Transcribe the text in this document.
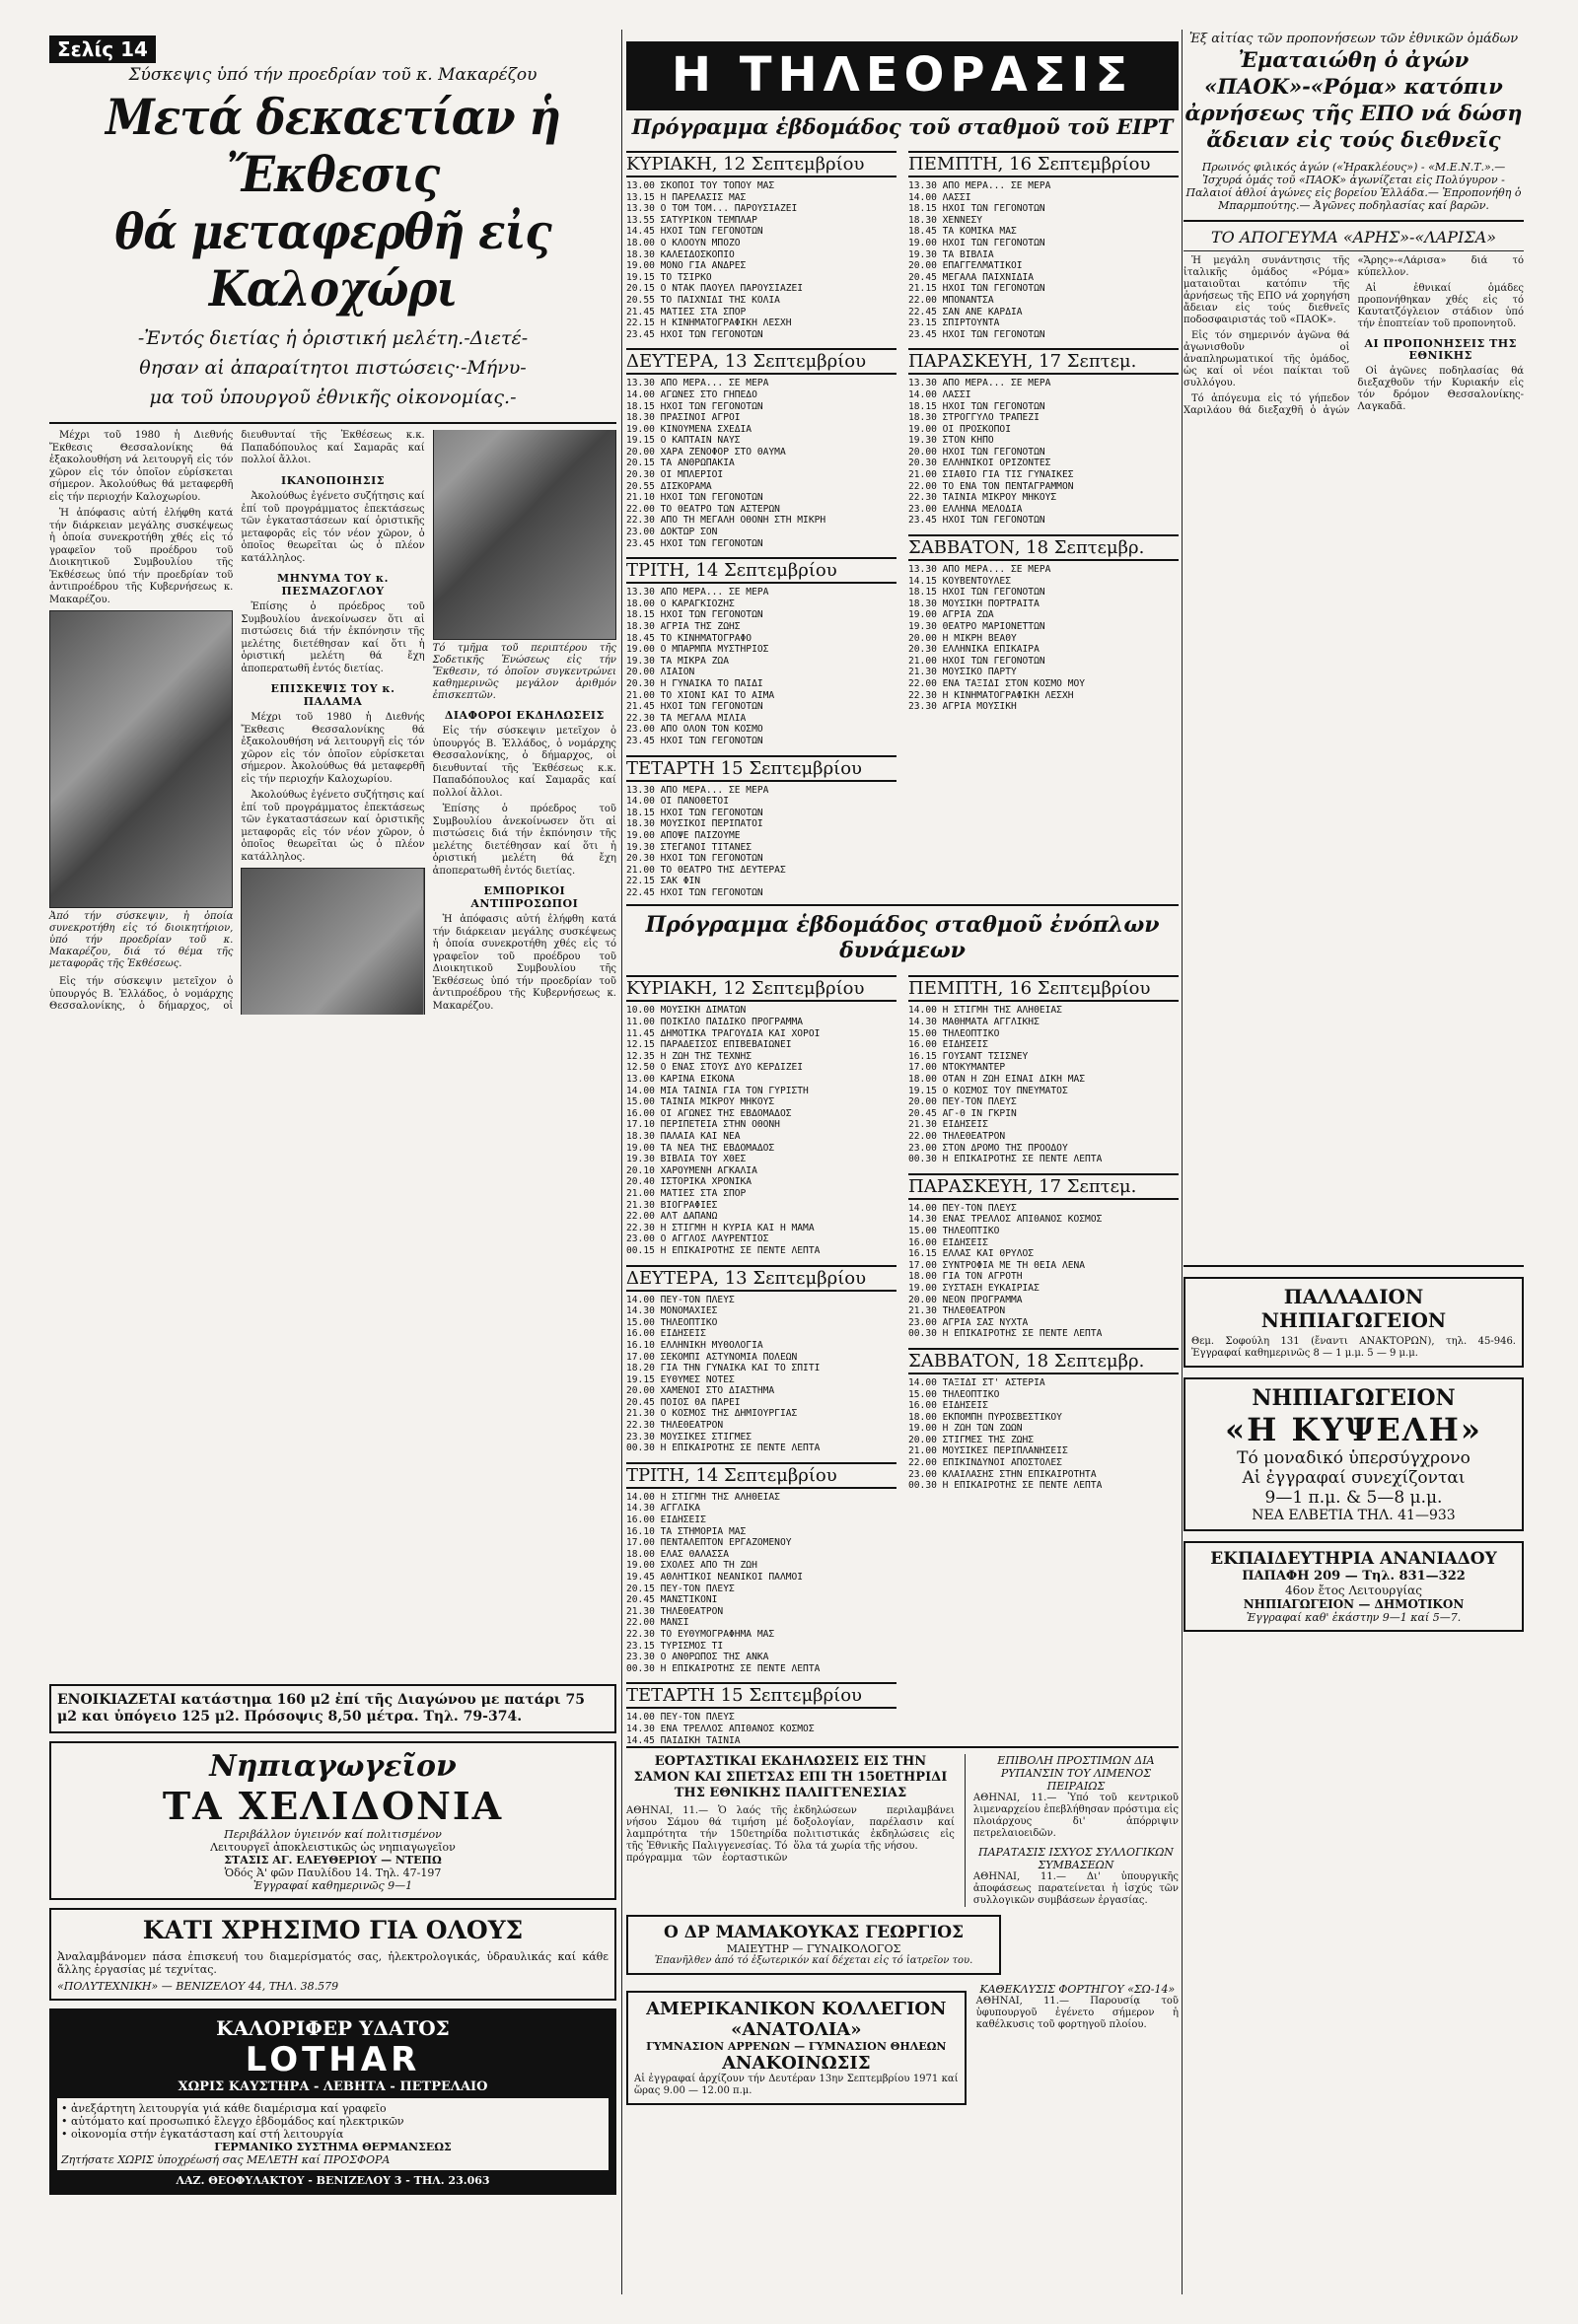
Σελίς 14
Σύσκεψις ὑπό τήν προεδρίαν τοῦ κ. Μακαρέζου
Μετά δεκαετίαν ἡ Ἔκθεσις
θά μεταφερθῆ εἰς Καλοχώρι
-Ἐντός διετίας ἡ ὁριστική μελέτη.-Διετέ-
θησαν αἱ ἀπαραίτητοι πιστώσεις·-Μήνυ-
μα τοῦ ὑπουργοῦ ἐθνικῆς οἰκονομίας.-

Μέχρι τοῦ 1980 ἡ Διεθνής Ἔκθεσις Θεσσαλονίκης θά ἐξακολουθήση νά λειτουργῆ εἰς τόν χῶρον εἰς τόν ὁποῖον εὑρίσκεται σήμερον. Ἀκολούθως θά μεταφερθῆ εἰς τήν περιοχήν Καλοχωρίου.

Ἡ ἀπόφασις αὐτή ἐλήφθη κατά τήν διάρκειαν μεγάλης συσκέψεως ἡ ὁποία συνεκροτήθη χθές εἰς τό γραφεῖον τοῦ προέδρου τοῦ Διοικητικοῦ Συμβουλίου τῆς Ἐκθέσεως ὑπό τήν προεδρίαν τοῦ ἀντιπροέδρου τῆς Κυβερνήσεως κ. Μακαρέζου.

Ἀπό τήν σύσκεψιν, ἡ ὁποία συνεκροτήθη εἰς τό διοικητήριον, ὑπό τήν προεδρίαν τοῦ κ. Μακαρέζου, διά τό θέμα τῆς μεταφορᾶς τῆς Ἐκθέσεως.

Εἰς τήν σύσκεψιν μετεῖχον ὁ ὑπουργός Β. Ἑλλάδος, ὁ νομάρχης Θεσσαλονίκης, ὁ δήμαρχος, οἱ διευθυνταί τῆς Ἐκθέσεως κ.κ. Παπαδόπουλος καί Σαμαρᾶς καί πολλοί ἄλλοι.

ΙΚΑΝΟΠΟΙΗΣΙΣ

Ἀκολούθως ἐγένετο συζήτησις καί ἐπί τοῦ προγράμματος ἐπεκτάσεως τῶν ἐγκαταστάσεων καί ὁριστικῆς μεταφορᾶς εἰς τόν νέον χῶρον, ὁ ὁποῖος θεωρεῖται ὡς ὁ πλέον κατάλληλος.

ΜΗΝΥΜΑ ΤΟΥ κ. ΠΕΣΜΑΖΟΓΛΟΥ

Ἐπίσης ὁ πρόεδρος τοῦ Συμβουλίου ἀνεκοίνωσεν ὅτι αἱ πιστώσεις διά τήν ἐκπόνησιν τῆς μελέτης διετέθησαν καί ὅτι ἡ ὁριστική μελέτη θά ἔχη ἀποπερατωθῆ ἐντός διετίας.

ΕΠΙΣΚΕΨΙΣ ΤΟΥ κ. ΠΑΛΑΜΑ

Μέχρι τοῦ 1980 ἡ Διεθνής Ἔκθεσις Θεσσαλονίκης θά ἐξακολουθήση νά λειτουργῆ εἰς τόν χῶρον εἰς τόν ὁποῖον εὑρίσκεται σήμερον. Ἀκολούθως θά μεταφερθῆ εἰς τήν περιοχήν Καλοχωρίου.

Ἀκολούθως ἐγένετο συζήτησις καί ἐπί τοῦ προγράμματος ἐπεκτάσεως τῶν ἐγκαταστάσεων καί ὁριστικῆς μεταφορᾶς εἰς τόν νέον χῶρον, ὁ ὁποῖος θεωρεῖται ὡς ὁ πλέον κατάλληλος.

Τό τμῆμα τοῦ περιπτέρου τῆς Σοδετικῆς Ἑνώσεως εἰς τήν Ἔκθεσιν, τό ὁποῖον συγκεντρώνει καθημερινῶς μεγάλον ἀριθμόν ἐπισκεπτῶν.
ΔΙΑΦΟΡΟΙ ΕΚΔΗΛΩΣΕΙΣ

Εἰς τήν σύσκεψιν μετεῖχον ὁ ὑπουργός Β. Ἑλλάδος, ὁ νομάρχης Θεσσαλονίκης, ὁ δήμαρχος, οἱ διευθυνταί τῆς Ἐκθέσεως κ.κ. Παπαδόπουλος καί Σαμαρᾶς καί πολλοί ἄλλοι.

Ἐπίσης ὁ πρόεδρος τοῦ Συμβουλίου ἀνεκοίνωσεν ὅτι αἱ πιστώσεις διά τήν ἐκπόνησιν τῆς μελέτης διετέθησαν καί ὅτι ἡ ὁριστική μελέτη θά ἔχη ἀποπερατωθῆ ἐντός διετίας.

ΕΜΠΟΡΙΚΟΙ ΑΝΤΙΠΡΟΣΩΠΟΙ

Ἡ ἀπόφασις αὐτή ἐλήφθη κατά τήν διάρκειαν μεγάλης συσκέψεως ἡ ὁποία συνεκροτήθη χθές εἰς τό γραφεῖον τοῦ προέδρου τοῦ Διοικητικοῦ Συμβουλίου τῆς Ἐκθέσεως ὑπό τήν προεδρίαν τοῦ ἀντιπροέδρου τῆς Κυβερνήσεως κ. Μακαρέζου.

ΕΝΟΙΚΙΑΖΕΤΑΙ κατάστημα 160 μ2 ἐπί τῆς Διαγώνου με πατάρι 75 μ2 και ὑπόγειο 125 μ2. Πρόσοψις 8,50 μέτρα. Τηλ. 79-374.
Νηπιαγωγεῖον
ΤΑ ΧΕΛΙΔΟΝΙΑ
Περιβάλλον ὑγιεινόν καί πολιτισμένον
Λειτουργεῖ ἀποκλειστικῶς ὡς νηπιαγωγεῖον
ΣΤΑΣΙΣ ΑΓ. ΕΛΕΥΘΕΡΙΟΥ — ΝΤΕΠΩ
Ὁδός Ἀ' φῶν Παυλίδου 14. Τηλ. 47-197
Ἐγγραφαί καθημερινῶς 9—1
ΚΑΤΙ ΧΡΗΣΙΜΟ ΓΙΑ ΟΛΟΥΣ
Ἀναλαμβάνομεν πάσα ἐπισκευή του διαμερίσματός σας, ἠλεκτρολογικάς, ὑδραυλικάς καί κάθε ἄλλης ἐργασίας μέ τεχνίτας.
«ΠΟΛΥΤΕΧΝΙΚΗ» — ΒΕΝΙΖΕΛΟΥ 44, ΤΗΛ. 38.579
ΚΑΛΟΡΙΦΕΡ ΥΔΑΤΟΣ
LOTHAR
ΧΩΡΙΣ ΚΑΥΣΤΗΡΑ - ΛΕΒΗΤΑ - ΠΕΤΡΕΛΑΙΟ
• ἀνεξάρτητη λειτουργία γιά κάθε διαμέρισμα καί γραφεῖο
• αὐτόματο καί προσωπικό ἔλεγχο ἐβδομάδος καί ηλεκτρικῶν
• οἰκονομία στήν ἐγκατάσταση καί στή λειτουργία
ΓΕΡΜΑΝΙΚΟ ΣΥΣΤΗΜΑ ΘΕΡΜΑΝΣΕΩΣ
Ζητήσατε ΧΩΡΙΣ ὑποχρέωσή σας ΜΕΛΕΤΗ καί ΠΡΟΣΦΟΡΑ
ΛΑΖ. ΘΕΟΦΥΛΑΚΤΟΥ - ΒΕΝΙΖΕΛΟΥ 3 - ΤΗΛ. 23.063
Η ΤΗΛΕΟΡΑΣΙΣ
Πρόγραμμα ἑβδομάδος τοῦ σταθμοῦ τοῦ ΕΙΡΤ
ΚΥΡΙΑΚΗ, 12 Σεπτεμβρίου
13.00 ΣΚΟΠΟΙ ΤΟΥ ΤΟΠΟΥ ΜΑΣ
13.15 Η ΠΑΡΕΛΑΣΙΣ ΜΑΣ
13.30 Ο ΤΟΜ ΤΟΜ... ΠΑΡΟΥΣΙΑΖΕΙ
13.55 ΣΑΤΥΡΙΚΟΝ ΤΕΜΠΛΑΡ
14.45 ΗΧΟΙ ΤΩΝ ΓΕΓΟΝΟΤΩΝ
18.00 Ο ΚΛΟΟΥΝ ΜΠΟΖΟ
18.30 ΚΑΛΕΙΔΟΣΚΟΠΙΟ
19.00 ΜΟΝΟ ΓΙΑ ΑΝΔΡΕΣ
19.15 ΤΟ ΤΣΙΡΚΟ
20.15 Ο ΝΤΑΚ ΠΑΟΥΕΛ ΠΑΡΟΥΣΙΑΖΕΙ
20.55 ΤΟ ΠΑΙΧΝΙΔΙ ΤΗΣ ΚΟΛΙΑ
21.45 ΜΑΤΙΕΣ ΣΤΑ ΣΠΟΡ
22.15 Η ΚΙΝΗΜΑΤΟΓΡΑΦΙΚΗ ΛΕΣΧΗ
23.45 ΗΧΟΙ ΤΩΝ ΓΕΓΟΝΟΤΩΝ
ΔΕΥΤΕΡΑ, 13 Σεπτεμβρίου
13.30 ΑΠΟ ΜΕΡΑ... ΣΕ ΜΕΡΑ
14.00 ΑΓΩΝΕΣ ΣΤΟ ΓΗΠΕΔΟ
18.15 ΗΧΟΙ ΤΩΝ ΓΕΓΟΝΟΤΩΝ
18.30 ΠΡΑΣΙΝΟΙ ΑΓΡΟΙ
19.00 ΚΙΝΟΥΜΕΝΑ ΣΧΕΔΙΑ
19.15 Ο ΚΑΠΤΑΙΝ ΝΑΥΣ
20.00 ΧΑΡΑ ΖΕΝΟΦΟΡ ΣΤΟ ΘΑΥΜΑ
20.15 ΤΑ ΑΝΘΡΩΠΑΚΙΑ
20.30 ΟΙ ΜΠΛΕΡΙΟΙ
20.55 ΔΙΣΚΟΡΑΜΑ
21.10 ΗΧΟΙ ΤΩΝ ΓΕΓΟΝΟΤΩΝ
22.00 ΤΟ ΘΕΑΤΡΟ ΤΩΝ ΑΣΤΕΡΩΝ
22.30 ΑΠΟ ΤΗ ΜΕΓΑΛΗ ΟΘΟΝΗ ΣΤΗ ΜΙΚΡΗ
23.00 ΔΟΚΤΩΡ ΣΟΝ
23.45 ΗΧΟΙ ΤΩΝ ΓΕΓΟΝΟΤΩΝ
ΤΡΙΤΗ, 14 Σεπτεμβρίου
13.30 ΑΠΟ ΜΕΡΑ... ΣΕ ΜΕΡΑ
18.00 Ο ΚΑΡΑΓΚΙΟΖΗΣ
18.15 ΗΧΟΙ ΤΩΝ ΓΕΓΟΝΟΤΩΝ
18.30 ΑΓΡΙΑ ΤΗΣ ΖΩΗΣ
18.45 ΤΟ ΚΙΝΗΜΑΤΟΓΡΑΦΟ
19.00 Ο ΜΠΑΡΜΠΑ ΜΥΣΤΗΡΙΟΣ
19.30 ΤΑ ΜΙΚΡΑ ΖΩΑ
20.00 ΛΙΑΙΟΝ
20.30 Η ΓΥΝΑΙΚΑ ΤΟ ΠΑΙΔΙ
21.00 ΤΟ ΧΙΟΝΙ ΚΑΙ ΤΟ ΑΙΜΑ
21.45 ΗΧΟΙ ΤΩΝ ΓΕΓΟΝΟΤΩΝ
22.30 ΤΑ ΜΕΓΑΛΑ ΜΙΛΙΑ
23.00 ΑΠΟ ΟΛΟΝ ΤΟΝ ΚΟΣΜΟ
23.45 ΗΧΟΙ ΤΩΝ ΓΕΓΟΝΟΤΩΝ
ΤΕΤΑΡΤΗ 15 Σεπτεμβρίου
13.30 ΑΠΟ ΜΕΡΑ... ΣΕ ΜΕΡΑ
14.00 ΟΙ ΠΑΝΟΘΕΤΟΙ
18.15 ΗΧΟΙ ΤΩΝ ΓΕΓΟΝΟΤΩΝ
18.30 ΜΟΥΣΙΚΟΙ ΠΕΡΙΠΑΤΟΙ
19.00 ΑΠΟΨΕ ΠΑΙΖΟΥΜΕ
19.30 ΣΤΕΓΑΝΟΙ ΤΙΤΑΝΕΣ
20.30 ΗΧΟΙ ΤΩΝ ΓΕΓΟΝΟΤΩΝ
21.00 ΤΟ ΘΕΑΤΡΟ ΤΗΣ ΔΕΥΤΕΡΑΣ
22.15 ΣΑΚ ΦΙΝ
22.45 ΗΧΟΙ ΤΩΝ ΓΕΓΟΝΟΤΩΝ
ΠΕΜΠΤΗ, 16 Σεπτεμβρίου
13.30 ΑΠΟ ΜΕΡΑ... ΣΕ ΜΕΡΑ
14.00 ΛΑΣΣΙ
18.15 ΗΧΟΙ ΤΩΝ ΓΕΓΟΝΟΤΩΝ
18.30 ΧΕΝΝΕΣΥ
18.45 ΤΑ ΚΟΜΙΚΑ ΜΑΣ
19.00 ΗΧΟΙ ΤΩΝ ΓΕΓΟΝΟΤΩΝ
19.30 ΤΑ ΒΙΒΛΙΑ
20.00 ΕΠΑΓΓΕΛΜΑΤΙΚΟΙ
20.45 ΜΕΓΑΛΑ ΠΑΙΧΝΙΔΙΑ
21.15 ΗΧΟΙ ΤΩΝ ΓΕΓΟΝΟΤΩΝ
22.00 ΜΠΟΝΑΝΤΣΑ
22.45 ΣΑΝ ΑΝΕ ΚΑΡΔΙΑ
23.15 ΣΠΙΡΤΟΥΝΤΑ
23.45 ΗΧΟΙ ΤΩΝ ΓΕΓΟΝΟΤΩΝ
ΠΑΡΑΣΚΕΥΗ, 17 Σεπτεμ.
13.30 ΑΠΟ ΜΕΡΑ... ΣΕ ΜΕΡΑ
14.00 ΛΑΣΣΙ
18.15 ΗΧΟΙ ΤΩΝ ΓΕΓΟΝΟΤΩΝ
18.30 ΣΤΡΟΓΓΥΛΟ ΤΡΑΠΕΖΙ
19.00 ΟΙ ΠΡΟΣΚΟΠΟΙ
19.30 ΣΤΟΝ ΚΗΠΟ
20.00 ΗΧΟΙ ΤΩΝ ΓΕΓΟΝΟΤΩΝ
20.30 ΕΛΛΗΝΙΚΟΙ ΟΡΙΖΟΝΤΕΣ
21.00 ΣΙΑΘΙΟ ΓΙΑ ΤΙΣ ΓΥΝΑΙΚΕΣ
22.00 ΤΟ ΕΝΑ ΤΟΝ ΠΕΝΤΑΓΡΑΜΜΟΝ
22.30 ΤΑΙΝΙΑ ΜΙΚΡΟΥ ΜΗΚΟΥΣ
23.00 ΕΛΛΗΝΑ ΜΕΛΟΔΙΑ
23.45 ΗΧΟΙ ΤΩΝ ΓΕΓΟΝΟΤΩΝ
ΣΑΒΒΑΤΟΝ, 18 Σεπτεμβρ.
13.30 ΑΠΟ ΜΕΡΑ... ΣΕ ΜΕΡΑ
14.15 ΚΟΥΒΕΝΤΟΥΛΕΣ
18.15 ΗΧΟΙ ΤΩΝ ΓΕΓΟΝΟΤΩΝ
18.30 ΜΟΥΣΙΚΗ ΠΟΡΤΡΑΙΤΑ
19.00 ΑΓΡΙΑ ΖΩΑ
19.30 ΘΕΑΤΡΟ ΜΑΡΙΟΝΕΤΤΩΝ
20.00 Η ΜΙΚΡΗ ΒΕΑΘΥ
20.30 ΕΛΛΗΝΙΚΑ ΕΠΙΚΑΙΡΑ
21.00 ΗΧΟΙ ΤΩΝ ΓΕΓΟΝΟΤΩΝ
21.30 ΜΟΥΣΙΚΟ ΠΑΡΤΥ
22.00 ΕΝΑ ΤΑΞΙΔΙ ΣΤΟΝ ΚΟΣΜΟ ΜΟΥ
22.30 Η ΚΙΝΗΜΑΤΟΓΡΑΦΙΚΗ ΛΕΣΧΗ
23.30 ΑΓΡΙΑ ΜΟΥΣΙΚΗ
Πρόγραμμα ἑβδομάδος σταθμοῦ ἐνόπλων δυνάμεων
ΚΥΡΙΑΚΗ, 12 Σεπτεμβρίου
10.00 ΜΟΥΣΙΚΗ ΔΙΜΑΤΩΝ
11.00 ΠΟΙΚΙΛΟ ΠΑΙΔΙΚΟ ΠΡΟΓΡΑΜΜΑ
11.45 ΔΗΜΟΤΙΚΑ ΤΡΑΓΟΥΔΙΑ ΚΑΙ ΧΟΡΟΙ
12.15 ΠΑΡΑΔΕΙΣΟΣ ΕΠΙΒΕΒΑΙΩΝΕΙ
12.35 Η ΖΩΗ ΤΗΣ ΤΕΧΝΗΣ
12.50 Ο ΕΝΑΣ ΣΤΟΥΣ ΔΥΟ ΚΕΡΔΙΖΕΙ
13.00 ΚΑΡΙΝΑ ΕΙΚΟΝΑ
14.00 ΜΙΑ ΤΑΙΝΙΑ ΓΙΑ ΤΟΝ ΓΥΡΙΣΤΗ
15.00 ΤΑΙΝΙΑ ΜΙΚΡΟΥ ΜΗΚΟΥΣ
16.00 ΟΙ ΑΓΩΝΕΣ ΤΗΣ ΕΒΔΟΜΑΔΟΣ
17.10 ΠΕΡΙΠΕΤΕΙΑ ΣΤΗΝ ΟΘΟΝΗ
18.30 ΠΑΛΑΙΑ ΚΑΙ ΝΕΑ
19.00 ΤΑ ΝΕΑ ΤΗΣ ΕΒΔΟΜΑΔΟΣ
19.30 ΒΙΒΛΙΑ ΤΟΥ ΧΘΕΣ
20.10 ΧΑΡΟΥΜΕΝΗ ΑΓΚΑΛΙΑ
20.40 ΙΣΤΟΡΙΚΑ ΧΡΟΝΙΚΑ
21.00 ΜΑΤΙΕΣ ΣΤΑ ΣΠΟΡ
21.30 ΒΙΟΓΡΑΦΙΕΣ
22.00 ΑΛΤ ΔΑΠΑΝΩ
22.30 Η ΣΤΙΓΜΗ Η ΚΥΡΙΑ ΚΑΙ Η ΜΑΜΑ
23.00 Ο ΑΓΓΛΟΣ ΛΑΥΡΕΝΤΙΟΣ
00.15 Η ΕΠΙΚΑΙΡΟΤΗΣ ΣΕ ΠΕΝΤΕ ΛΕΠΤΑ
ΔΕΥΤΕΡΑ, 13 Σεπτεμβρίου
14.00 ΠΕΥ-ΤΟΝ ΠΛΕΥΣ
14.30 ΜΟΝΟΜΑΧΙΕΣ
15.00 ΤΗΛΕΟΠΤΙΚΟ
16.00 ΕΙΔΗΣΕΙΣ
16.10 ΕΛΛΗΝΙΚΗ ΜΥΘΟΛΟΓΙΑ
17.00 ΣΕΚΟΜΠΙ ΑΣΤΥΝΟΜΙΑ ΠΟΛΕΩΝ
18.20 ΓΙΑ ΤΗΝ ΓΥΝΑΙΚΑ ΚΑΙ ΤΟ ΣΠΙΤΙ
19.15 ΕΥΘΥΜΕΣ ΝΟΤΕΣ
20.00 ΧΑΜΕΝΟΙ ΣΤΟ ΔΙΑΣΤΗΜΑ
20.45 ΠΟΙΟΣ ΘΑ ΠΑΡΕΙ
21.30 Ο ΚΟΣΜΟΣ ΤΗΣ ΔΗΜΙΟΥΡΓΙΑΣ
22.30 ΤΗΛΕΘΕΑΤΡΟΝ
23.30 ΜΟΥΣΙΚΕΣ ΣΤΙΓΜΕΣ
00.30 Η ΕΠΙΚΑΙΡΟΤΗΣ ΣΕ ΠΕΝΤΕ ΛΕΠΤΑ
ΤΡΙΤΗ, 14 Σεπτεμβρίου
14.00 Η ΣΤΙΓΜΗ ΤΗΣ ΑΛΗΘΕΙΑΣ
14.30 ΑΓΓΛΙΚΑ
16.00 ΕΙΔΗΣΕΙΣ
16.10 ΤΑ ΣΤΗΜΟΡΙΑ ΜΑΣ
17.00 ΠΕΝΤΑΛΕΠΤΟΝ ΕΡΓΑΖΟΜΕΝΟΥ
18.00 ΕΛΑΣ ΘΑΛΑΣΣΑ
19.00 ΣΧΟΛΕΣ ΑΠΟ ΤΗ ΖΩΗ
19.45 ΑΘΛΗΤΙΚΟΙ ΝΕΑΝΙΚΟΙ ΠΑΛΜΟΙ
20.15 ΠΕΥ-ΤΟΝ ΠΛΕΥΣ
20.45 ΜΑΝΣΤΙΚΟΝΙ
21.30 ΤΗΛΕΘΕΑΤΡΟΝ
22.00 ΜΑΝΣΙ
22.30 ΤΟ ΕΥΘΥΜΟΓΡΑΦΗΜΑ ΜΑΣ
23.15 ΤΥΡΙΣΜΟΣ ΤΙ
23.30 Ο ΑΝΘΡΩΠΟΣ ΤΗΣ ΑΝΚΑ
00.30 Η ΕΠΙΚΑΙΡΟΤΗΣ ΣΕ ΠΕΝΤΕ ΛΕΠΤΑ
ΤΕΤΑΡΤΗ 15 Σεπτεμβρίου
14.00 ΠΕΥ-ΤΟΝ ΠΛΕΥΣ
14.30 ΕΝΑ ΤΡΕΛΛΟΣ ΑΠΙΘΑΝΟΣ ΚΟΣΜΟΣ
14.45 ΠΑΙΔΙΚΗ ΤΑΙΝΙΑ
ΠΕΜΠΤΗ, 16 Σεπτεμβρίου
14.00 Η ΣΤΙΓΜΗ ΤΗΣ ΑΛΗΘΕΙΑΣ
14.30 ΜΑΘΗΜΑΤΑ ΑΓΓΛΙΚΗΣ
15.00 ΤΗΛΕΟΠΤΙΚΟ
16.00 ΕΙΔΗΣΕΙΣ
16.15 ΓΟΥΣΑΝΤ ΤΣΙΣΝΕΥ
17.00 ΝΤΟΚΥΜΑΝΤΕΡ
18.00 ΟΤΑΝ Η ΖΩΗ ΕΙΝΑΙ ΔΙΚΗ ΜΑΣ
19.15 Ο ΚΟΣΜΟΣ ΤΟΥ ΠΝΕΥΜΑΤΟΣ
20.00 ΠΕΥ-ΤΟΝ ΠΛΕΥΣ
20.45 ΑΓ-Θ ΙΝ ΓΚΡΙΝ
21.30 ΕΙΔΗΣΕΙΣ
22.00 ΤΗΛΕΘΕΑΤΡΟΝ
23.00 ΣΤΟΝ ΔΡΟΜΟ ΤΗΣ ΠΡΟΟΔΟΥ
00.30 Η ΕΠΙΚΑΙΡΟΤΗΣ ΣΕ ΠΕΝΤΕ ΛΕΠΤΑ
ΠΑΡΑΣΚΕΥΗ, 17 Σεπτεμ.
14.00 ΠΕΥ-ΤΟΝ ΠΛΕΥΣ
14.30 ΕΝΑΣ ΤΡΕΛΛΟΣ ΑΠΙΘΑΝΟΣ ΚΟΣΜΟΣ
15.00 ΤΗΛΕΟΠΤΙΚΟ
16.00 ΕΙΔΗΣΕΙΣ
16.15 ΕΛΛΑΣ ΚΑΙ ΘΡΥΛΟΣ
17.00 ΣΥΝΤΡΟΦΙΑ ΜΕ ΤΗ ΘΕΙΑ ΛΕΝΑ
18.00 ΓΙΑ ΤΟΝ ΑΓΡΟΤΗ
19.00 ΣΥΣΤΑΣΗ ΕΥΚΑΙΡΙΑΣ
20.00 ΝΕΟΝ ΠΡΟΓΡΑΜΜΑ
21.30 ΤΗΛΕΘΕΑΤΡΟΝ
23.00 ΑΓΡΙΑ ΣΑΣ ΝΥΧΤΑ
00.30 Η ΕΠΙΚΑΙΡΟΤΗΣ ΣΕ ΠΕΝΤΕ ΛΕΠΤΑ
ΣΑΒΒΑΤΟΝ, 18 Σεπτεμβρ.
14.00 ΤΑΞΙΔΙ ΣΤ' ΑΣΤΕΡΙΑ
15.00 ΤΗΛΕΟΠΤΙΚΟ
16.00 ΕΙΔΗΣΕΙΣ
18.00 ΕΚΠΟΜΠΗ ΠΥΡΟΣΒΕΣΤΙΚΟΥ
19.00 Η ΖΩΗ ΤΩΝ ΖΩΩΝ
20.00 ΣΤΙΓΜΕΣ ΤΗΣ ΖΩΗΣ
21.00 ΜΟΥΣΙΚΕΣ ΠΕΡΙΠΛΑΝΗΣΕΙΣ
22.00 ΕΠΙΚΙΝΔΥΝΟΙ ΑΠΟΣΤΟΛΕΣ
23.00 ΚΛΑΙΛΑΣΗΣ ΣΤΗΝ ΕΠΙΚΑΙΡΟΤΗΤΑ
00.30 Η ΕΠΙΚΑΙΡΟΤΗΣ ΣΕ ΠΕΝΤΕ ΛΕΠΤΑ
ΕΟΡΤΑΣΤΙΚΑΙ ΕΚΔΗΛΩΣΕΙΣ ΕΙΣ ΤΗΝ ΣΑΜΟΝ ΚΑΙ ΣΠΕΤΣΑΣ ΕΠΙ ΤΗ 150ΕΤΗΡΙΔΙ ΤΗΣ ΕΘΝΙΚΗΣ ΠΑΛΙΓΓΕΝΕΣΙΑΣ
ΑΘΗΝΑΙ, 11.— Ὁ λαός τῆς νήσου Σάμου θά τιμήση μέ λαμπρότητα τήν 150ετηρίδα τῆς Ἐθνικῆς Παλιγγενεσίας. Τό πρόγραμμα τῶν ἑορταστικῶν ἐκδηλώσεων περιλαμβάνει δοξολογίαν, παρέλασιν καί πολιτιστικάς ἐκδηλώσεις εἰς ὅλα τά χωρία τῆς νήσου.
ΕΠΙΒΟΛΗ ΠΡΟΣΤΙΜΩΝ ΔΙΑ ΡΥΠΑΝΣΙΝ ΤΟΥ ΛΙΜΕΝΟΣ ΠΕΙΡΑΙΩΣ
ΑΘΗΝΑΙ, 11.— Ὑπό τοῦ κεντρικοῦ λιμεναρχείου ἐπεβλήθησαν πρόστιμα εἰς πλοιάρχους δι' ἀπόρριψιν πετρελαιοειδῶν.
ΠΑΡΑΤΑΣΙΣ ΙΣΧΥΟΣ ΣΥΛΛΟΓΙΚΩΝ ΣΥΜΒΑΣΕΩΝ
ΑΘΗΝΑΙ, 11.— Δι' ὑπουργικῆς ἀποφάσεως παρατείνεται ἡ ἰσχύς τῶν συλλογικῶν συμβάσεων ἐργασίας.
Ο ΔΡ ΜΑΜΑΚΟΥΚΑΣ ΓΕΩΡΓΙΟΣ
ΜΑΙΕΥΤΗΡ — ΓΥΝΑΙΚΟΛΟΓΟΣ
Ἐπανῆλθεν ἀπό τό ἐξωτερικόν καί δέχεται εἰς τό ἰατρεῖον του.
ΑΜΕΡΙΚΑΝΙΚΟΝ ΚΟΛΛΕΓΙΟΝ «ΑΝΑΤΟΛΙΑ»
ΓΥΜΝΑΣΙΟΝ ΑΡΡΕΝΩΝ — ΓΥΜΝΑΣΙΟΝ ΘΗΛΕΩΝ
ΑΝΑΚΟΙΝΩΣΙΣ
Αἱ ἐγγραφαί ἀρχίζουν τήν Δευτέραν 13ην Σεπτεμβρίου 1971 καί ὥρας 9.00 — 12.00 π.μ.
ΚΑΘΕΚΛΥΣΙΣ ΦΟΡΤΗΓΟΥ «ΣΩ-14»
ΑΘΗΝΑΙ, 11.— Παρουσίᾳ τοῦ ὑφυπουργοῦ ἐγένετο σήμερον ἡ καθέλκυσις τοῦ φορτηγοῦ πλοίου.
Ἐξ αἰτίας τῶν προπονήσεων τῶν ἐθνικῶν ὁμάδων
Ἐματαιώθη ὁ ἀγών «ΠΑΟΚ»-«Ρόμα» κατόπιν ἀρνήσεως τῆς ΕΠΟ νά δώση ἄδειαν εἰς τούς διεθνεῖς
Πρωινός φιλικός ἀγών («Ἡρακλέους») - «Μ.Ε.Ν.Τ.».— Ἰσχυρά ὁμάς τοῦ «ΠΑΟΚ» ἀγωνίζεται εἰς Πολύγυρον - Παλαιοί ἀθλοί ἀγώνες εἰς βορείου Ἑλλάδα.— Ἐπροπονήθη ὁ Μπαρμπούτης.— Ἀγῶνες ποδηλασίας καί βαρῶν.
ΤΟ ΑΠΟΓΕΥΜΑ «ΑΡΗΣ»-«ΛΑΡΙΣΑ»

Ἡ μεγάλη συνάντησις τῆς ἰταλικῆς ὁμάδος «Ρόμα» ματαιοῦται κατόπιν τῆς ἀρνήσεως τῆς ΕΠΟ νά χορηγήση ἄδειαν εἰς τούς διεθνεῖς ποδοσφαιριστάς τοῦ «ΠΑΟΚ».

Εἰς τόν σημερινόν ἀγῶνα θά ἀγωνισθοῦν οἱ ἀναπληρωματικοί τῆς ὁμάδος, ὡς καί οἱ νέοι παίκται τοῦ συλλόγου.

Τό ἀπόγευμα εἰς τό γήπεδον Χαριλάου θά διεξαχθῆ ὁ ἀγών «Ἄρης»-«Λάρισα» διά τό κύπελλον.

Αἱ ἐθνικαί ὁμάδες προπονήθηκαν χθές εἰς τό Καυτατζόγλειον στάδιον ὑπό τήν ἐποπτείαν τοῦ προπονητοῦ.

ΑΙ ΠΡΟΠΟΝΗΣΕΙΣ ΤΗΣ ΕΘΝΙΚΗΣ

Οἱ ἀγῶνες ποδηλασίας θά διεξαχθοῦν τήν Κυριακήν εἰς τόν δρόμον Θεσσαλονίκης-Λαγκαδᾶ.

ΠΑΛΛΑΔΙΟΝ ΝΗΠΙΑΓΩΓΕΙΟΝ
Θεμ. Σοφούλη 131 (ἔναντι ΑΝΑΚΤΟΡΩΝ), τηλ. 45-946. Ἐγγραφαί καθημερινῶς 8 — 1 μ.μ. 5 — 9 μ.μ.
ΝΗΠΙΑΓΩΓΕΙΟΝ
«Η ΚΥΨΕΛΗ»
Τό μοναδικό ὑπερσύγχρονο
Αἱ ἐγγραφαί συνεχίζονται
9—1 π.μ. & 5—8 μ.μ.
ΝΕΑ ΕΛΒΕΤΙΑ ΤΗΛ. 41—933
ΕΚΠΑΙΔΕΥΤΗΡΙΑ ΑΝΑΝΙΑΔΟΥ
ΠΑΠΑΦΗ 209 — Τηλ. 831—322
46ον ἔτος Λειτουργίας
ΝΗΠΙΑΓΩΓΕΙΟΝ — ΔΗΜΟΤΙΚΟΝ
Ἐγγραφαί καθ' ἑκάστην 9—1 καί 5—7.
